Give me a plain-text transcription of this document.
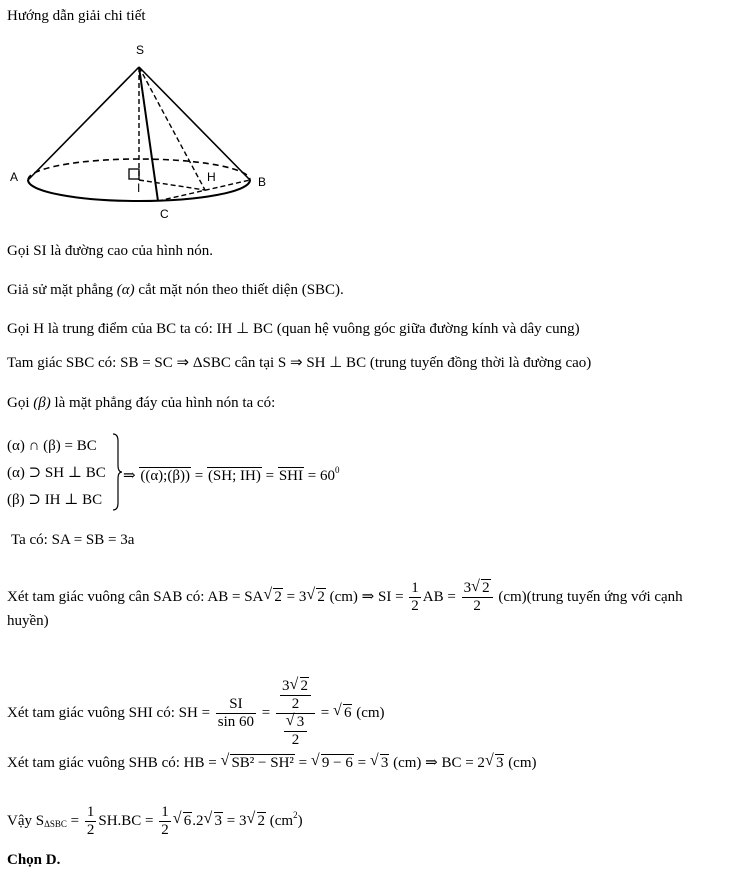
Hướng dẫn giải chi tiết
S
A	B
C
I
H
Gọi SI là đường cao của hình nón.
Giả sử mặt phẳng (α) cắt mặt nón theo thiết diện (SBC).
Gọi H là trung điểm của BC ta có: IH ⊥ BC (quan hệ vuông góc giữa đường kính và dây cung)
Tam giác SBC có: SB = SC ⇒ ΔSBC cân tại S ⇒ SH ⊥ BC (trung tuyến đồng thời là đường cao)
Gọi (β) là mặt phẳng đáy của hình nón ta có:
(α) ∩ (β) = BC
(α) ⊃ SH ⊥ BC
(β) ⊃ IH ⊥ BC
⇒ ((α);(β)) = (SH; IH) = SHI = $60^0$
Ta có: SA = SB = 3a
Xét tam giác vuông cân SAB có: AB = SA √ 2 = 3 √ 2 (cm) ⇒ SI = $\frac{1}{2}$ AB = $\frac{3 √ 2}{2}$ (cm)(trung tuyến ứng với cạnh
huyền)
Xét tam giác vuông SHI có: SH = $\frac{SI}{\sin 60} = \frac{3 √ 2}{2}$
√ $\frac{3}{2}$ = √ 6 (cm)
Xét tam giác vuông SHB có: HB = √ SB² − SH² = √ 9 − 6 = √ 3 (cm) ⇒ BC = 2 √ 3 (cm)
Vậy $S_{\Delta SBC} = \frac{1}{2} SH.BC = \frac{1}{2}$ √ 6.2 √ 3 = 3 √ 2 $(cm^2)$
Chọn D.
